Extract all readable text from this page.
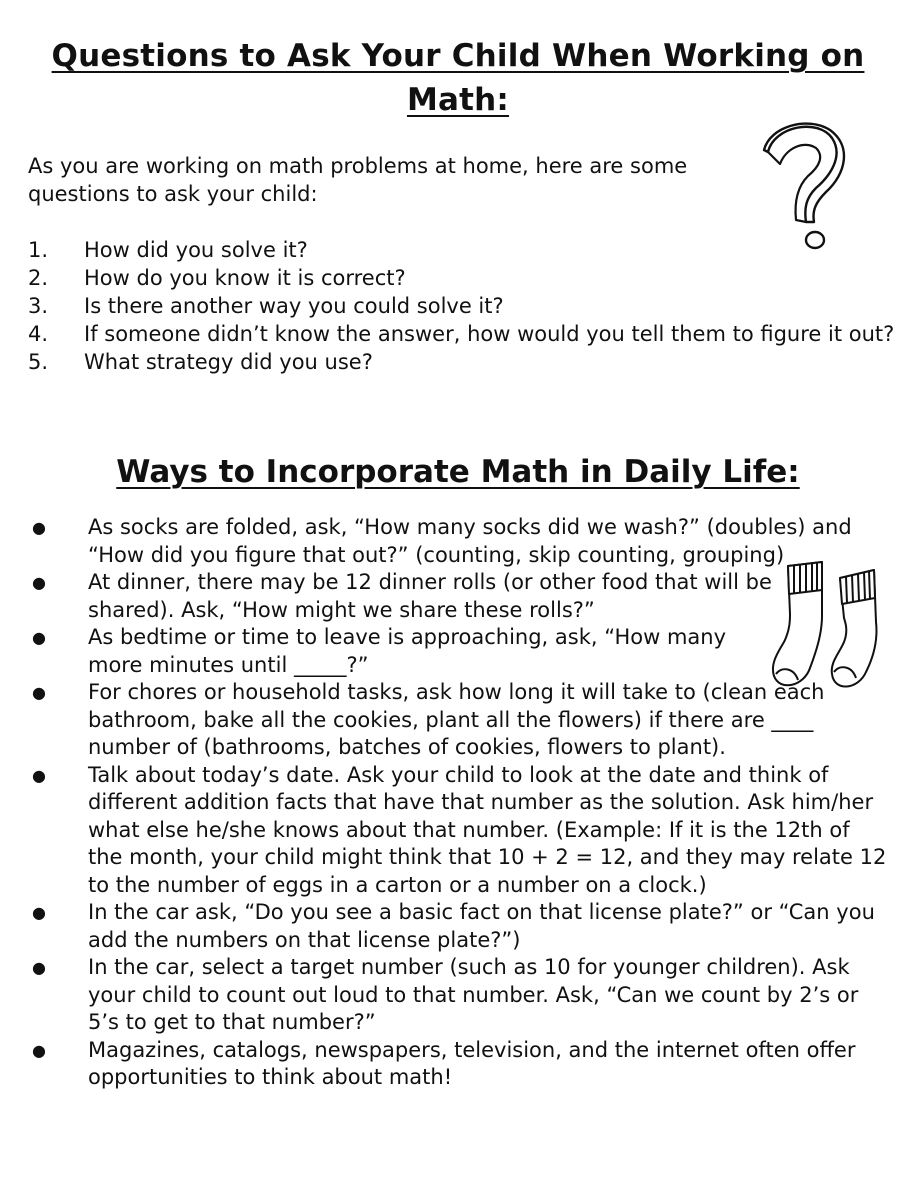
Questions to Ask Your Child When Working on Math:

As you are working on math problems at home, here are some questions to ask your child:

1.	How did you solve it?
2.	How do you know it is correct?
3.	Is there another way you could solve it?
4.	If someone didn’t know the answer, how would you tell them to figure it out?
5.	What strategy did you use?
Ways to Incorporate Math in Daily Life:
●	As socks are folded, ask, “How many socks did we wash?” (doubles) and “How did you figure that out?” (counting, skip counting, grouping)
●	At dinner, there may be 12 dinner rolls (or other food that will be shared). Ask, “How might we share these rolls?”
●	As bedtime or time to leave is approaching, ask, “How many more minutes until _____?”
●	For chores or household tasks, ask how long it will take to (clean each bathroom, bake all the cookies, plant all the flowers) if there are ____ number of (bathrooms, batches of cookies, flowers to plant).
●	Talk about today’s date. Ask your child to look at the date and think of different addition facts that have that number as the solution. Ask him/her what else he/she knows about that number. (Example: If it is the 12th of the month, your child might think that 10 + 2 = 12, and they may relate 12 to the number of eggs in a carton or a number on a clock.)
●	In the car ask, “Do you see a basic fact on that license plate?” or “Can you add the numbers on that license plate?”)
●	In the car, select a target number (such as 10 for younger children). Ask your child to count out loud to that number. Ask, “Can we count by 2’s or 5’s to get to that number?”
●	Magazines, catalogs, newspapers, television, and the internet often offer opportunities to think about math!
